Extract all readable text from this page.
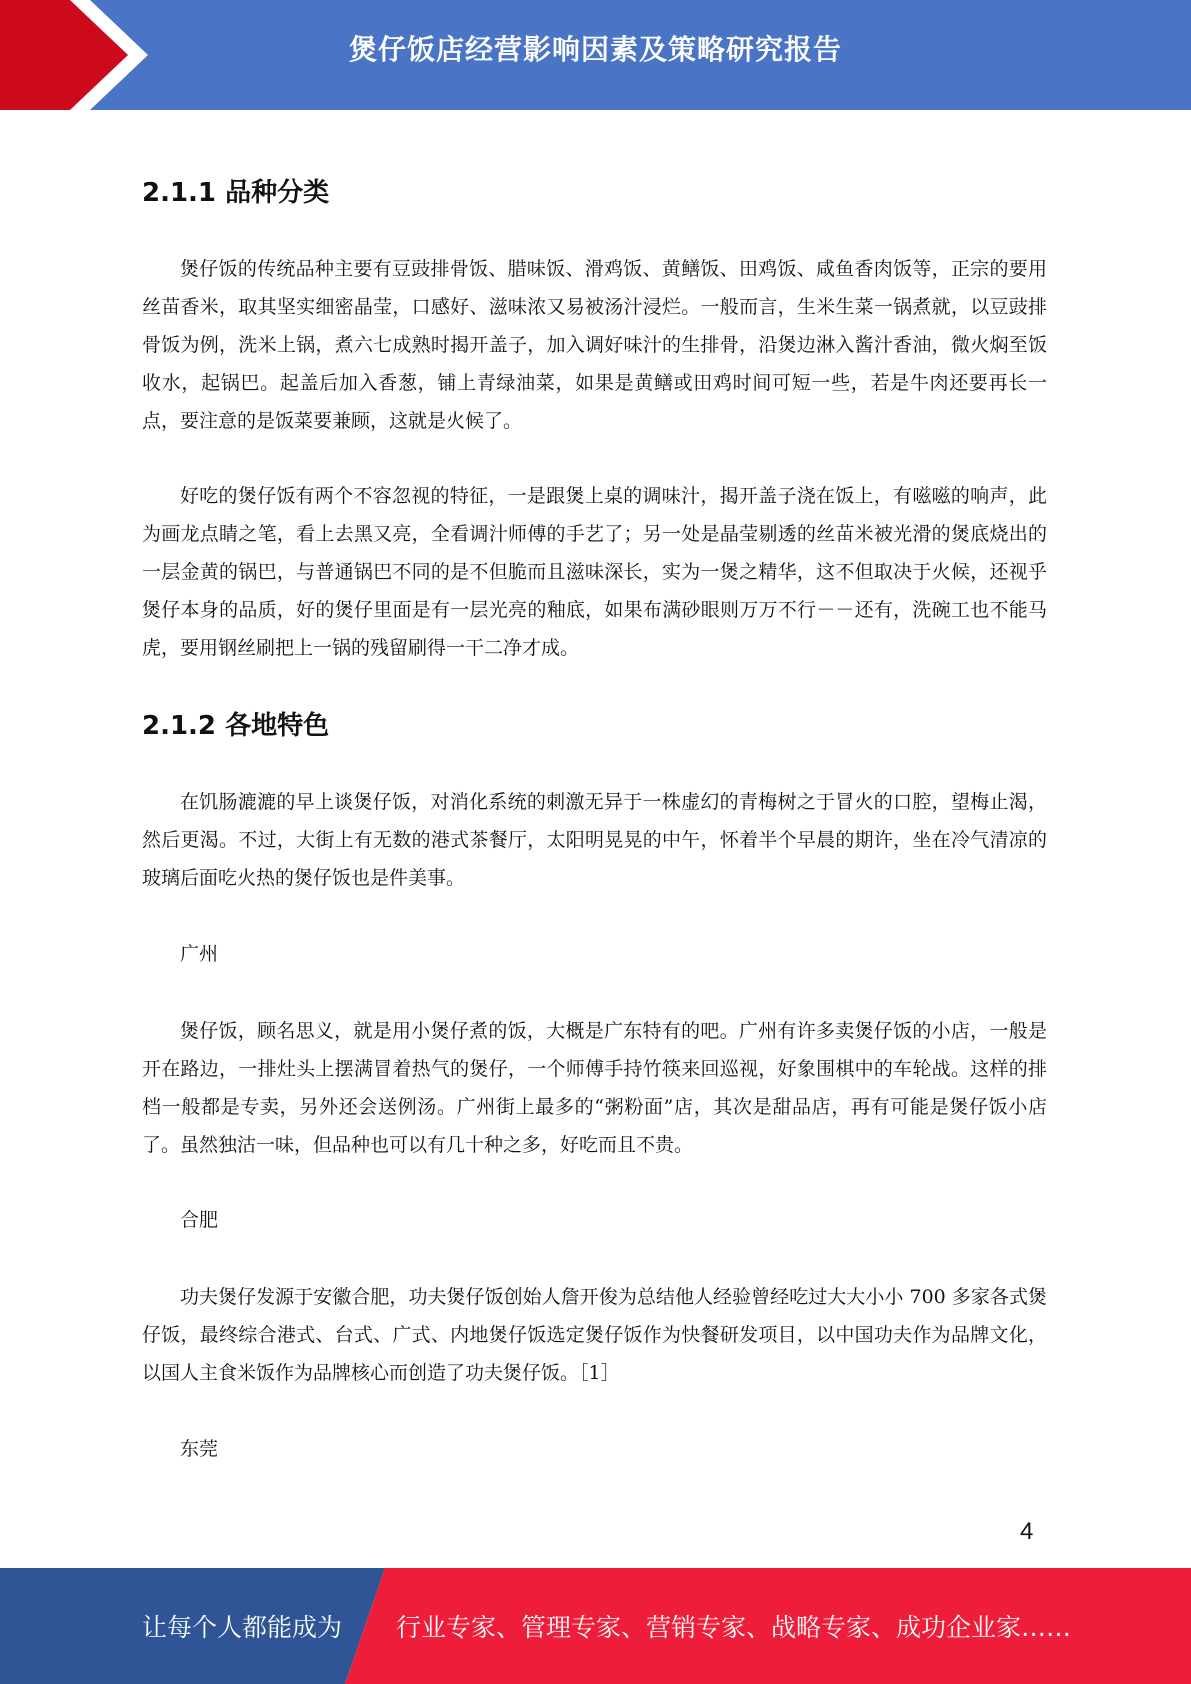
煲仔饭店经营影响因素及策略研究报告
2.1.1 品种分类

煲仔饭的传统品种主要有豆豉排骨饭、腊味饭、滑鸡饭、黄鳝饭、田鸡饭、咸鱼香肉饭等，正宗的要用丝苗香米，取其坚实细密晶莹，口感好、滋味浓又易被汤汁浸烂。一般而言，生米生菜一锅煮就，以豆豉排骨饭为例，洗米上锅，煮六七成熟时揭开盖子，加入调好味汁的生排骨，沿煲边淋入酱汁香油，微火焖至饭收水，起锅巴。起盖后加入香葱，铺上青绿油菜，如果是黄鳝或田鸡时间可短一些，若是牛肉还要再长一点，要注意的是饭菜要兼顾，这就是火候了。

好吃的煲仔饭有两个不容忽视的特征，一是跟煲上桌的调味汁，揭开盖子浇在饭上，有嗞嗞的响声，此为画龙点睛之笔，看上去黑又亮，全看调汁师傅的手艺了；另一处是晶莹剔透的丝苗米被光滑的煲底烧出的一层金黄的锅巴，与普通锅巴不同的是不但脆而且滋味深长，实为一煲之精华，这不但取决于火候，还视乎煲仔本身的品质，好的煲仔里面是有一层光亮的釉底，如果布满砂眼则万万不行－－还有，洗碗工也不能马虎，要用钢丝刷把上一锅的残留刷得一干二净才成。

2.1.2 各地特色

在饥肠漉漉的早上谈煲仔饭，对消化系统的刺激无异于一株虚幻的青梅树之于冒火的口腔，望梅止渴，然后更渴。不过，大街上有无数的港式茶餐厅，太阳明晃晃的中午，怀着半个早晨的期许，坐在冷气清凉的玻璃后面吃火热的煲仔饭也是件美事。

广州

煲仔饭，顾名思义，就是用小煲仔煮的饭，大概是广东特有的吧。广州有许多卖煲仔饭的小店，一般是开在路边，一排灶头上摆满冒着热气的煲仔，一个师傅手持竹筷来回巡视，好象围棋中的车轮战。这样的排档一般都是专卖，另外还会送例汤。广州街上最多的“粥粉面”店，其次是甜品店，再有可能是煲仔饭小店了。虽然独沽一味，但品种也可以有几十种之多，好吃而且不贵。

合肥

功夫煲仔发源于安徽合肥，功夫煲仔饭创始人詹开俊为总结他人经验曾经吃过大大小小 700 多家各式煲仔饭，最终综合港式、台式、广式、内地煲仔饭选定煲仔饭作为快餐研发项目，以中国功夫作为品牌文化，以国人主食米饭作为品牌核心而创造了功夫煲仔饭。［1］

东莞

4
让每个人都能成为 行业专家、管理专家、营销专家、战略专家、成功企业家……
